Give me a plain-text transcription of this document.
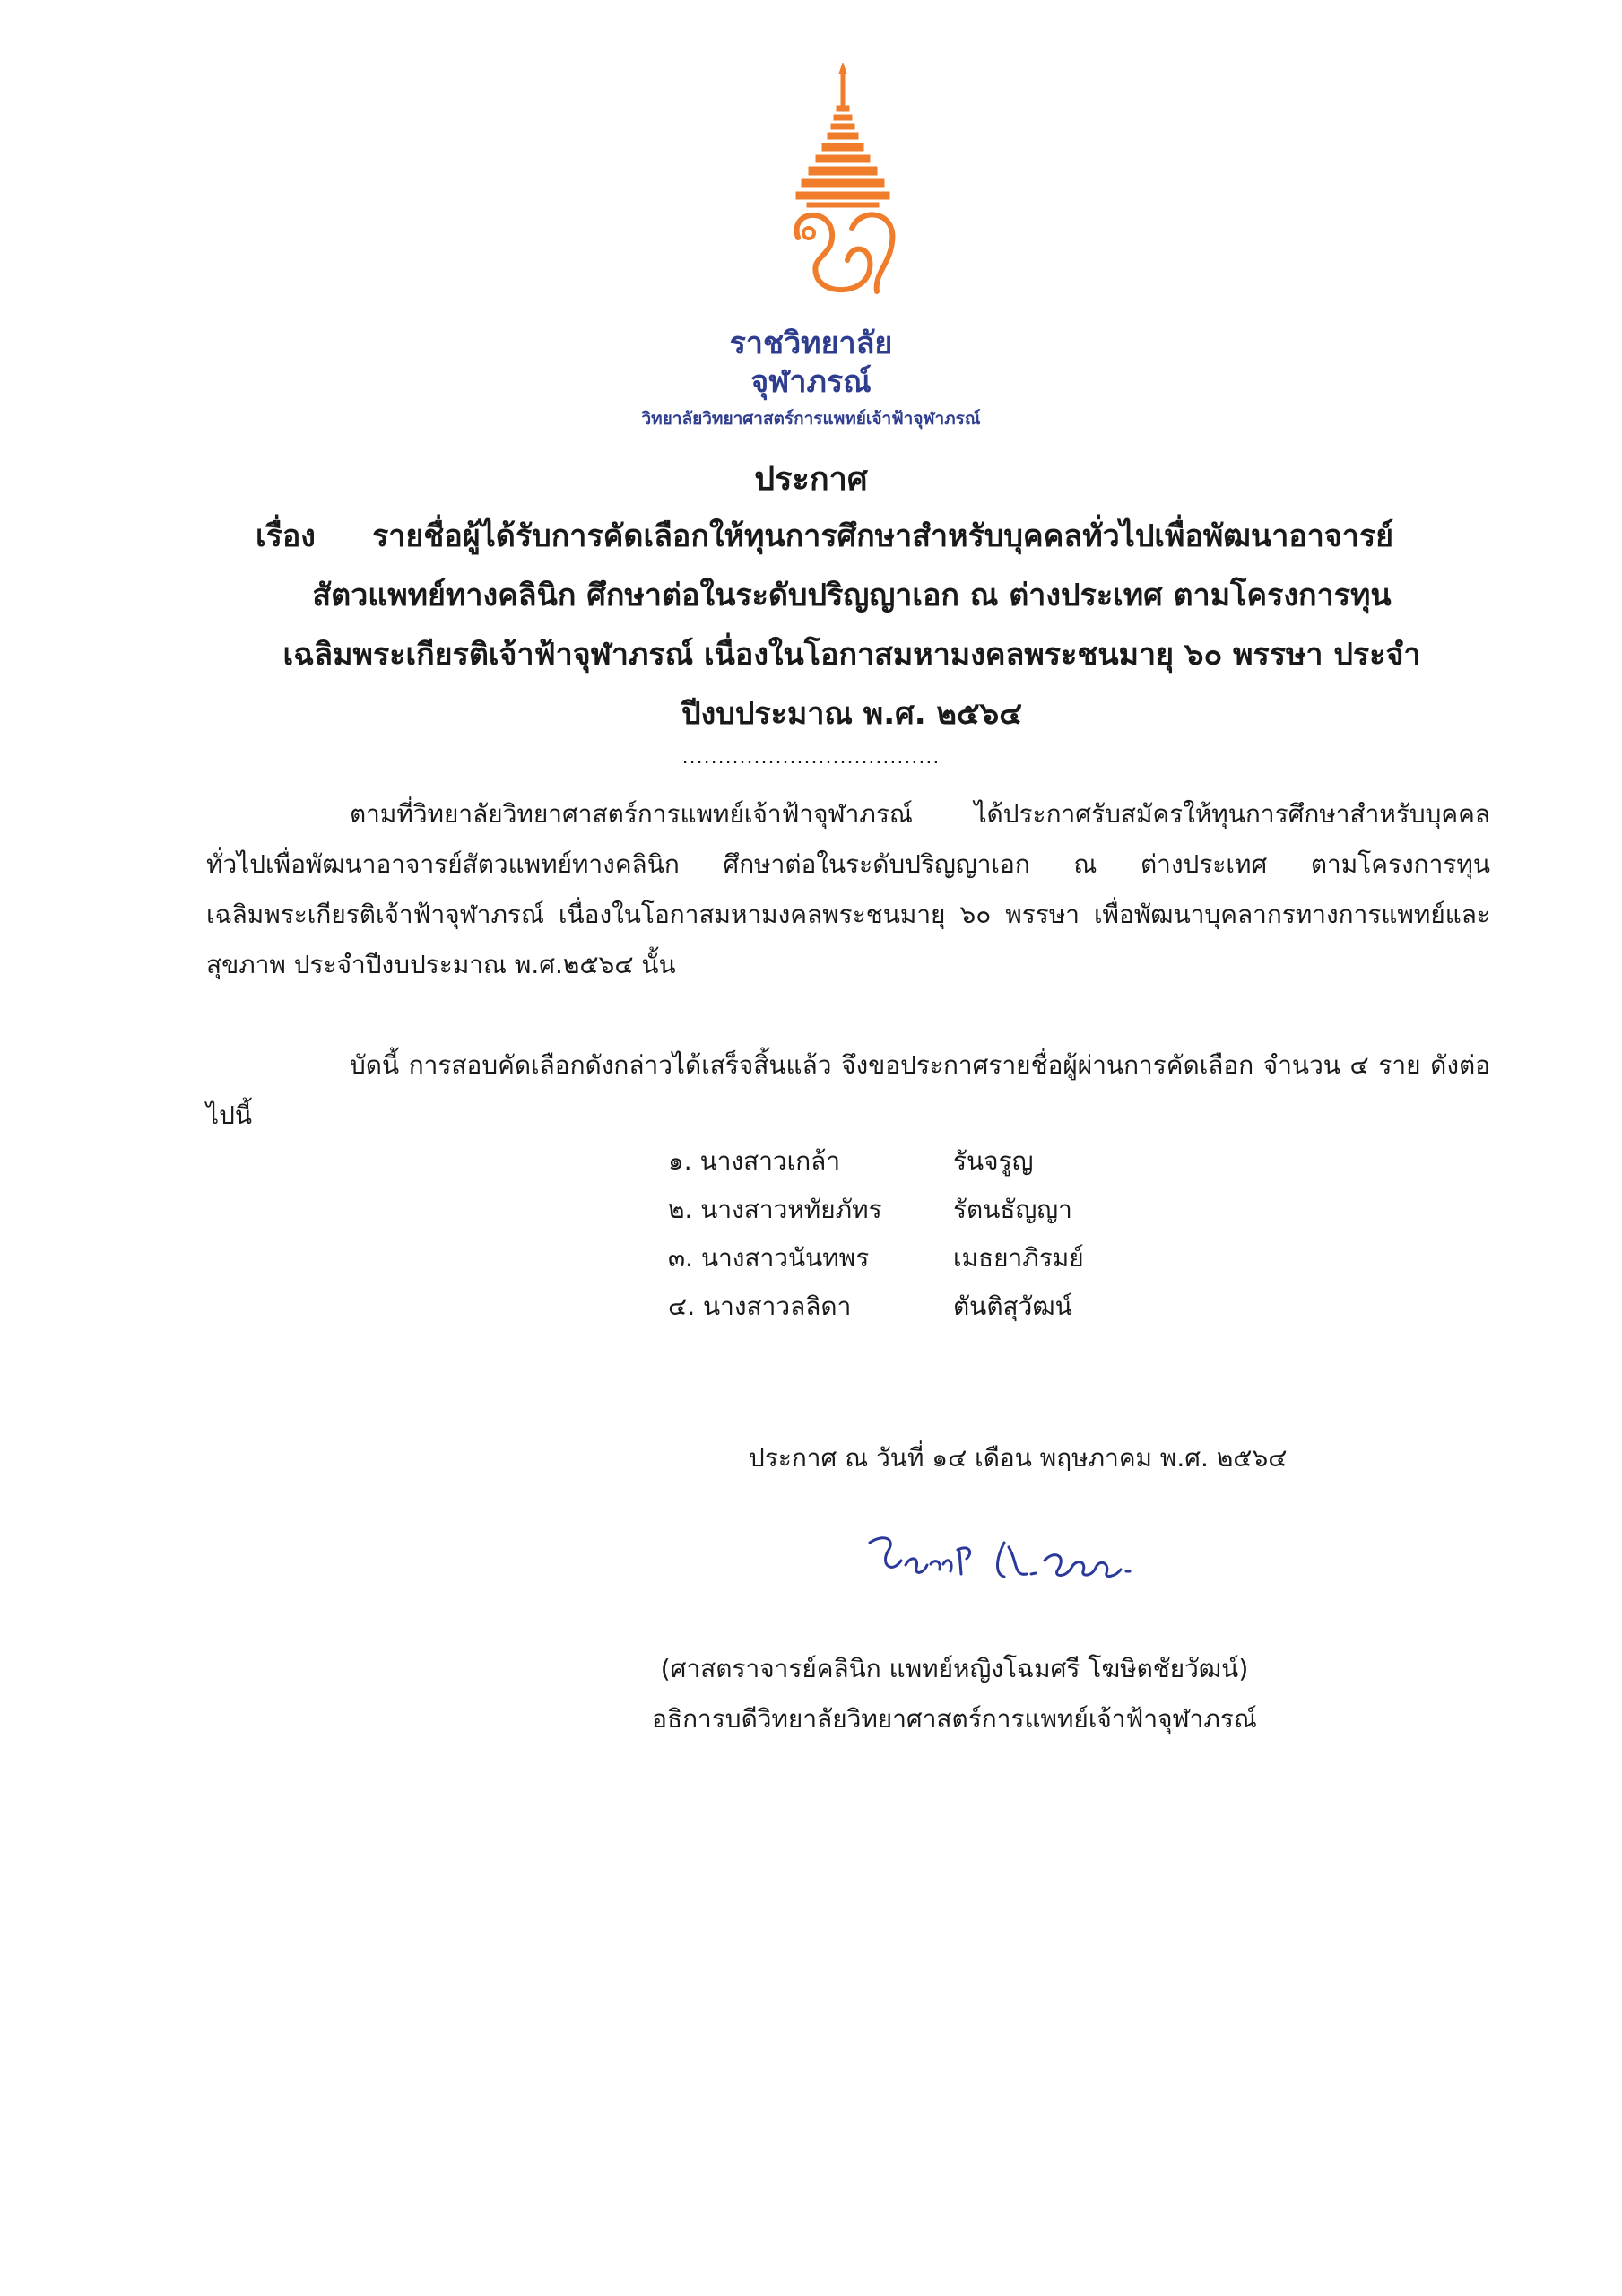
ราชวิทยาลัย
จุฬาภรณ์
วิทยาลัยวิทยาศาสตร์การแพทย์เจ้าฟ้าจุฬาภรณ์
ประกาศ
เรื่อง	รายชื่อผู้ได้รับการคัดเลือกให้ทุนการศึกษาสำหรับบุคคลทั่วไปเพื่อพัฒนาอาจารย์
สัตวแพทย์ทางคลินิก ศึกษาต่อในระดับปริญญาเอก ณ ต่างประเทศ ตามโครงการทุน
เฉลิมพระเกียรติเจ้าฟ้าจุฬาภรณ์ เนื่องในโอกาสมหามงคลพระชนมายุ ๖๐ พรรษา ประจำ
ปีงบประมาณ พ.ศ. ๒๕๖๔
....................................
ตามที่วิทยาลัยวิทยาศาสตร์การแพทย์เจ้าฟ้าจุฬาภรณ์ ได้ประกาศรับสมัครให้ทุนการศึกษาสำหรับบุคคลทั่วไปเพื่อพัฒนาอาจารย์สัตวแพทย์ทางคลินิก ศึกษาต่อในระดับปริญญาเอก ณ ต่างประเทศ ตามโครงการทุนเฉลิมพระเกียรติเจ้าฟ้าจุฬาภรณ์ เนื่องในโอกาสมหามงคลพระชนมายุ ๖๐ พรรษา เพื่อพัฒนาบุคลากรทางการแพทย์และสุขภาพ ประจำปีงบประมาณ พ.ศ.๒๕๖๔ นั้น
บัดนี้ การสอบคัดเลือกดังกล่าวได้เสร็จสิ้นแล้ว จึงขอประกาศรายชื่อผู้ผ่านการคัดเลือก จำนวน ๔ ราย ดังต่อไปนี้
๑. นางสาวเกล้า	รันจรูญ
๒. นางสาวหทัยภัทร	รัตนธัญญา
๓. นางสาวนันทพร	เมธยาภิรมย์
๔. นางสาวลลิดา	ตันติสุวัฒน์
ประกาศ ณ วันที่ ๑๔ เดือน พฤษภาคม พ.ศ. ๒๕๖๔
(ศาสตราจารย์คลินิก แพทย์หญิงโฉมศรี โฆษิตชัยวัฒน์)
อธิการบดีวิทยาลัยวิทยาศาสตร์การแพทย์เจ้าฟ้าจุฬาภรณ์
